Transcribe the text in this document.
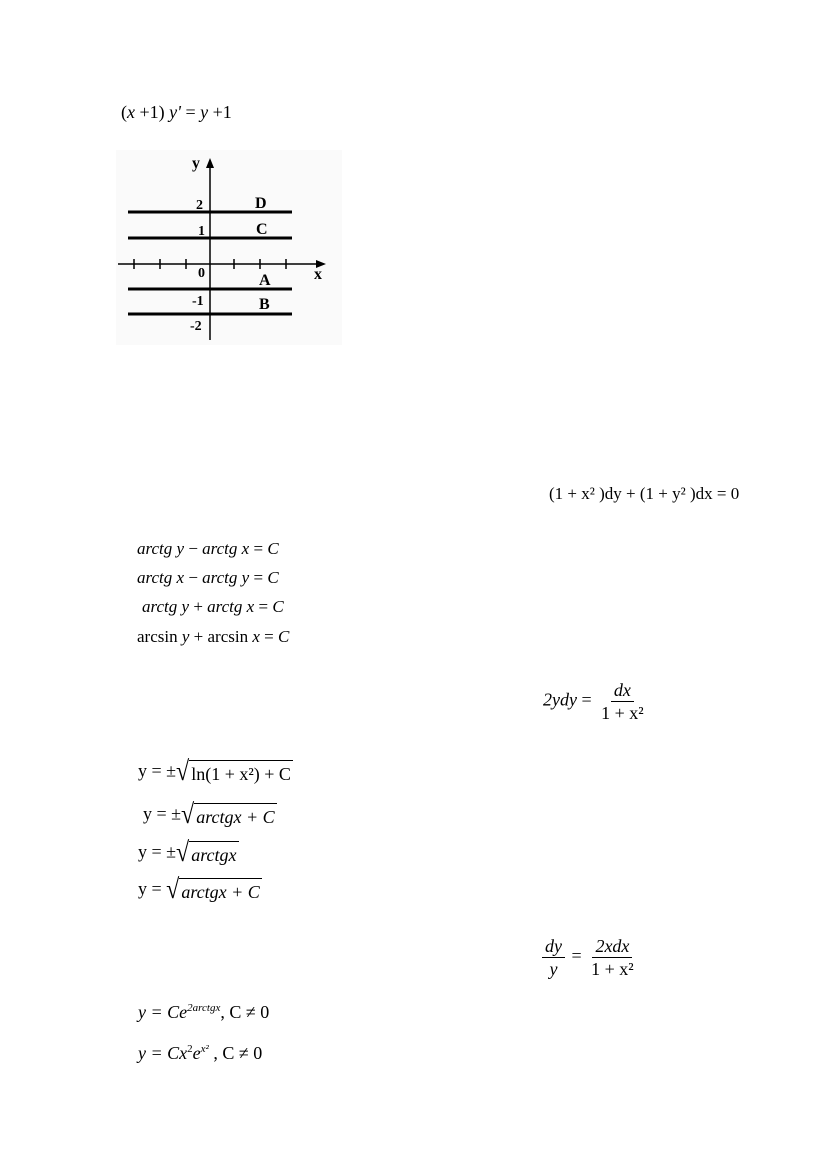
(x +1) y' = y +1
y
x
0
2
1
-1
-2
D
C
A
B
(1 + x² )dy + (1 + y² )dx = 0
arctg y − arctg x = C
arctg x − arctg y = C
arctg y + arctg x = C
arcsin y + arcsin x = C
$2ydy = \frac{dx}{\text{1 + x²}}$
y = ± √ ln(1 + x²) + C
y = ± √ arctgx + C
y = ± √ arctgx
y = √ arctgx + C
$\frac{dy}{y} = \frac{\text{2xdx}}{\text{1 + x²}}$
$y = Ce^{2arctgx}$, C ≠ 0
$y = Cx^2e^{x^2}$ , C ≠ 0
